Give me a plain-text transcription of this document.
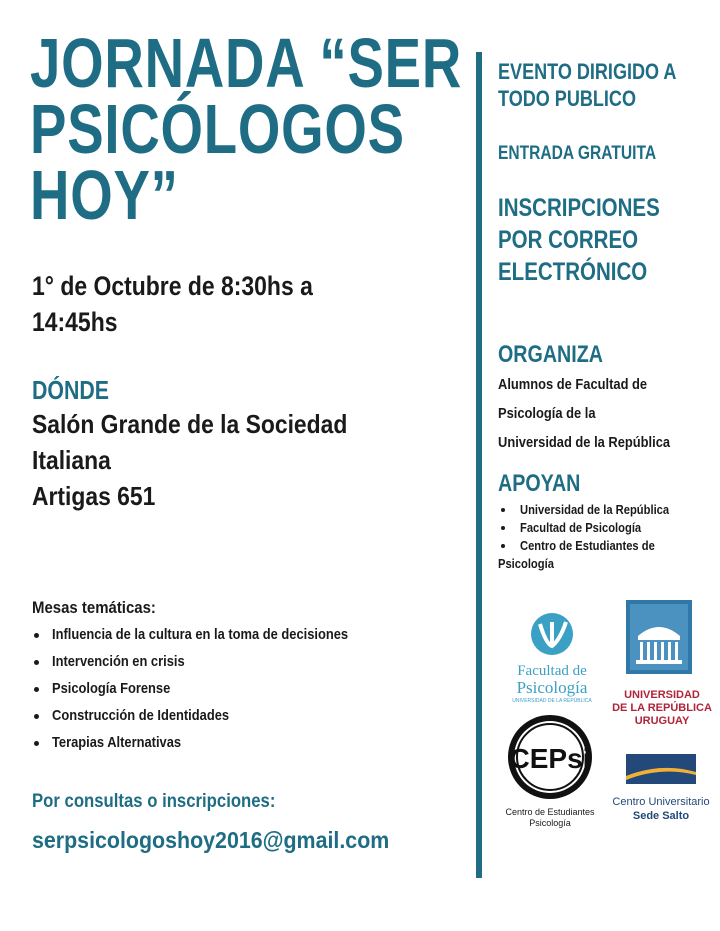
JORNADA “SER
PSICÓLOGOS
HOY”
1° de Octubre de 8:30hs a
14:45hs
DÓNDE
Salón Grande de la Sociedad
Italiana
Artigas 651
Mesas temáticas:
Influencia de la cultura en la toma de decisiones
Intervención en crisis
Psicología Forense
Construcción de Identidades
Terapias Alternativas
Por consultas o inscripciones:
serpsicologoshoy2016@gmail.com
EVENTO DIRIGIDO A
TODO PUBLICO
ENTRADA GRATUITA
INSCRIPCIONES
POR CORREO
ELECTRÓNICO
ORGANIZA
Alumnos de Facultad de
Psicología de la
Universidad de la República
APOYAN
Universidad de la República
Facultad de Psicología
Centro de Estudiantes de
Psicología
Facultad de
Psicología
UNIVERSIDAD DE LA REPÚBLICA	UNIVERSIDAD
DE LA REPÚBLICA
URUGUAY
CEPsi
Centro de Estudiantes
Psicología
Centro Universitario
Sede Salto
